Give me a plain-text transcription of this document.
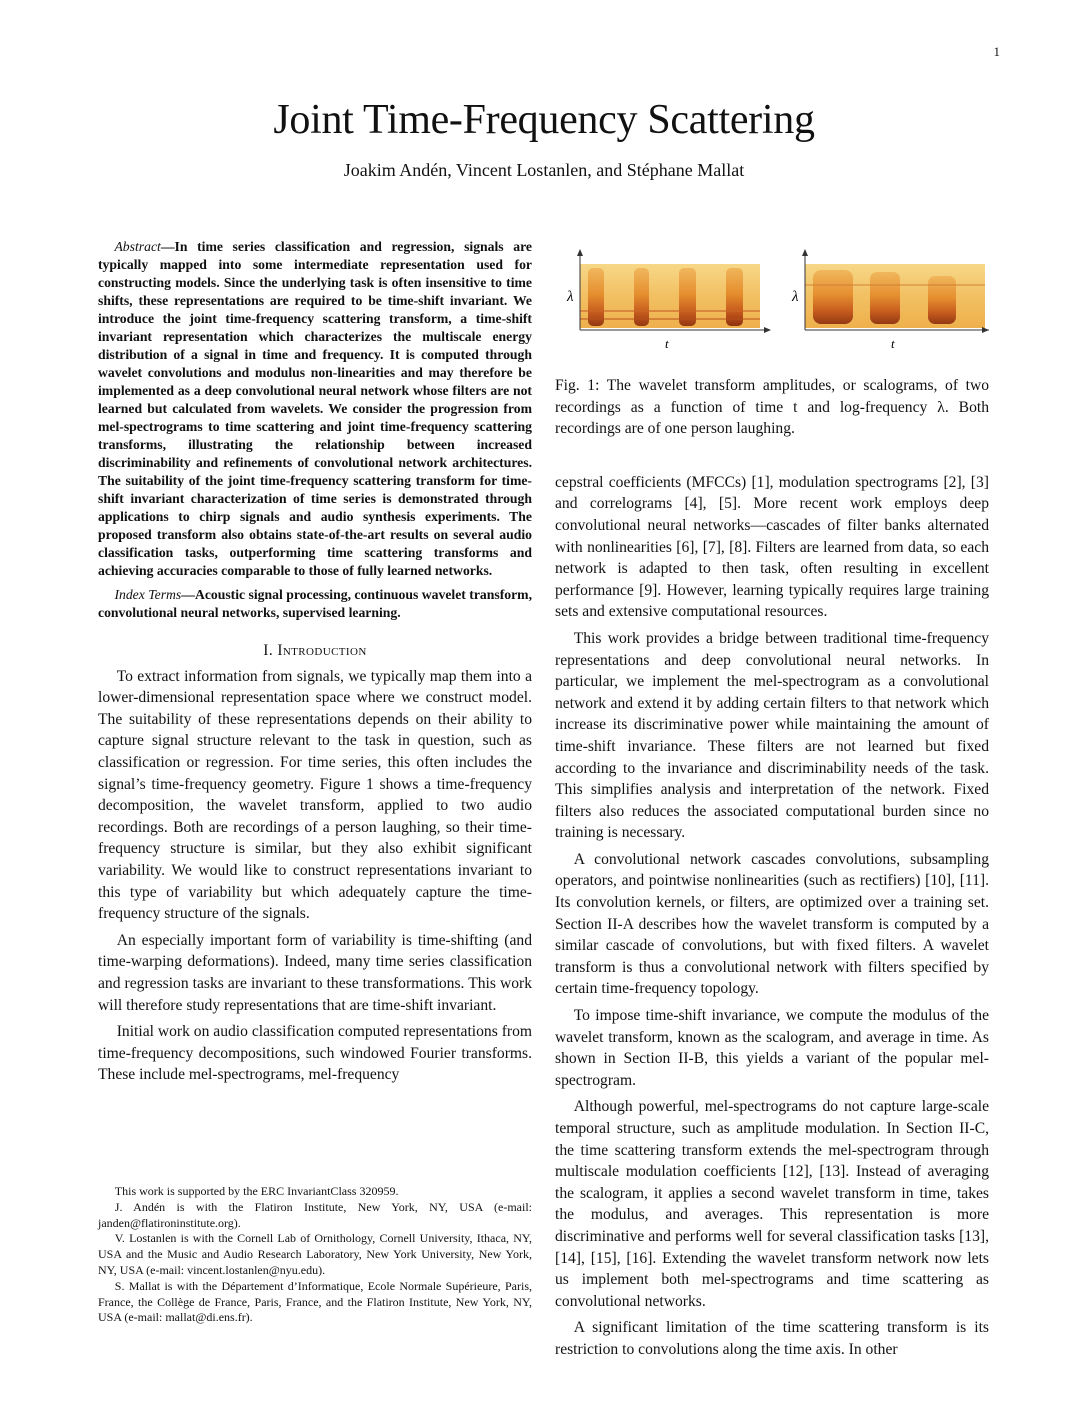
1
Joint Time-Frequency Scattering
Joakim Andén, Vincent Lostanlen, and Stéphane Mallat

Abstract—In time series classification and regression, signals are typically mapped into some intermediate representation used for constructing models. Since the underlying task is often insensitive to time shifts, these representations are required to be time-shift invariant. We introduce the joint time-frequency scattering transform, a time-shift invariant representation which characterizes the multiscale energy distribution of a signal in time and frequency. It is computed through wavelet convolutions and modulus non-linearities and may therefore be implemented as a deep convolutional neural network whose filters are not learned but calculated from wavelets. We consider the progression from mel-spectrograms to time scattering and joint time-frequency scattering transforms, illustrating the relationship between increased discriminability and refinements of convolutional network architectures. The suitability of the joint time-frequency scattering transform for time-shift invariant characterization of time series is demonstrated through applications to chirp signals and audio synthesis experiments. The proposed transform also obtains state-of-the-art results on several audio classification tasks, outperforming time scattering transforms and achieving accuracies comparable to those of fully learned networks.

Index Terms—Acoustic signal processing, continuous wavelet transform, convolutional neural networks, supervised learning.

I. Introduction

To extract information from signals, we typically map them into a lower-dimensional representation space where we construct model. The suitability of these representations depends on their ability to capture signal structure relevant to the task in question, such as classification or regression. For time series, this often includes the signal’s time-frequency geometry. Figure 1 shows a time-frequency decomposition, the wavelet transform, applied to two audio recordings. Both are recordings of a person laughing, so their time-frequency structure is similar, but they also exhibit significant variability. We would like to construct representations invariant to this type of variability but which adequately capture the time-frequency structure of the signals.

An especially important form of variability is time-shifting (and time-warping deformations). Indeed, many time series classification and regression tasks are invariant to these transformations. This work will therefore study representations that are time-shift invariant.

Initial work on audio classification computed representations from time-frequency decompositions, such windowed Fourier transforms. These include mel-spectrograms, mel-frequency

This work is supported by the ERC InvariantClass 320959.

J. Andén is with the Flatiron Institute, New York, NY, USA (e-mail: janden@flatironinstitute.org).

V. Lostanlen is with the Cornell Lab of Ornithology, Cornell University, Ithaca, NY, USA and the Music and Audio Research Laboratory, New York University, New York, NY, USA (e-mail: vincent.lostanlen@nyu.edu).

S. Mallat is with the Département d’Informatique, Ecole Normale Supérieure, Paris, France, the Collège de France, Paris, France, and the Flatiron Institute, New York, NY, USA (e-mail: mallat@di.ens.fr).

λ
t
λ
t

Fig. 1: The wavelet transform amplitudes, or scalograms, of two recordings as a function of time t and log-frequency λ. Both recordings are of one person laughing.

cepstral coefficients (MFCCs) [1], modulation spectrograms [2], [3] and correlograms [4], [5]. More recent work employs deep convolutional neural networks—cascades of filter banks alternated with nonlinearities [6], [7], [8]. Filters are learned from data, so each network is adapted to then task, often resulting in excellent performance [9]. However, learning typically requires large training sets and extensive computational resources.

This work provides a bridge between traditional time-frequency representations and deep convolutional neural networks. In particular, we implement the mel-spectrogram as a convolutional network and extend it by adding certain filters to that network which increase its discriminative power while maintaining the amount of time-shift invariance. These filters are not learned but fixed according to the invariance and discriminability needs of the task. This simplifies analysis and interpretation of the network. Fixed filters also reduces the associated computational burden since no training is necessary.

A convolutional network cascades convolutions, subsampling operators, and pointwise nonlinearities (such as rectifiers) [10], [11]. Its convolution kernels, or filters, are optimized over a training set. Section II-A describes how the wavelet transform is computed by a similar cascade of convolutions, but with fixed filters. A wavelet transform is thus a convolutional network with filters specified by certain time-frequency topology.

To impose time-shift invariance, we compute the modulus of the wavelet transform, known as the scalogram, and average in time. As shown in Section II-B, this yields a variant of the popular mel-spectrogram.

Although powerful, mel-spectrograms do not capture large-scale temporal structure, such as amplitude modulation. In Section II-C, the time scattering transform extends the mel-spectrogram through multiscale modulation coefficients [12], [13]. Instead of averaging the scalogram, it applies a second wavelet transform in time, takes the modulus, and averages. This representation is more discriminative and performs well for several classification tasks [13], [14], [15], [16]. Extending the wavelet transform network now lets us implement both mel-spectrograms and time scattering as convolutional networks.

A significant limitation of the time scattering transform is its restriction to convolutions along the time axis. In other
